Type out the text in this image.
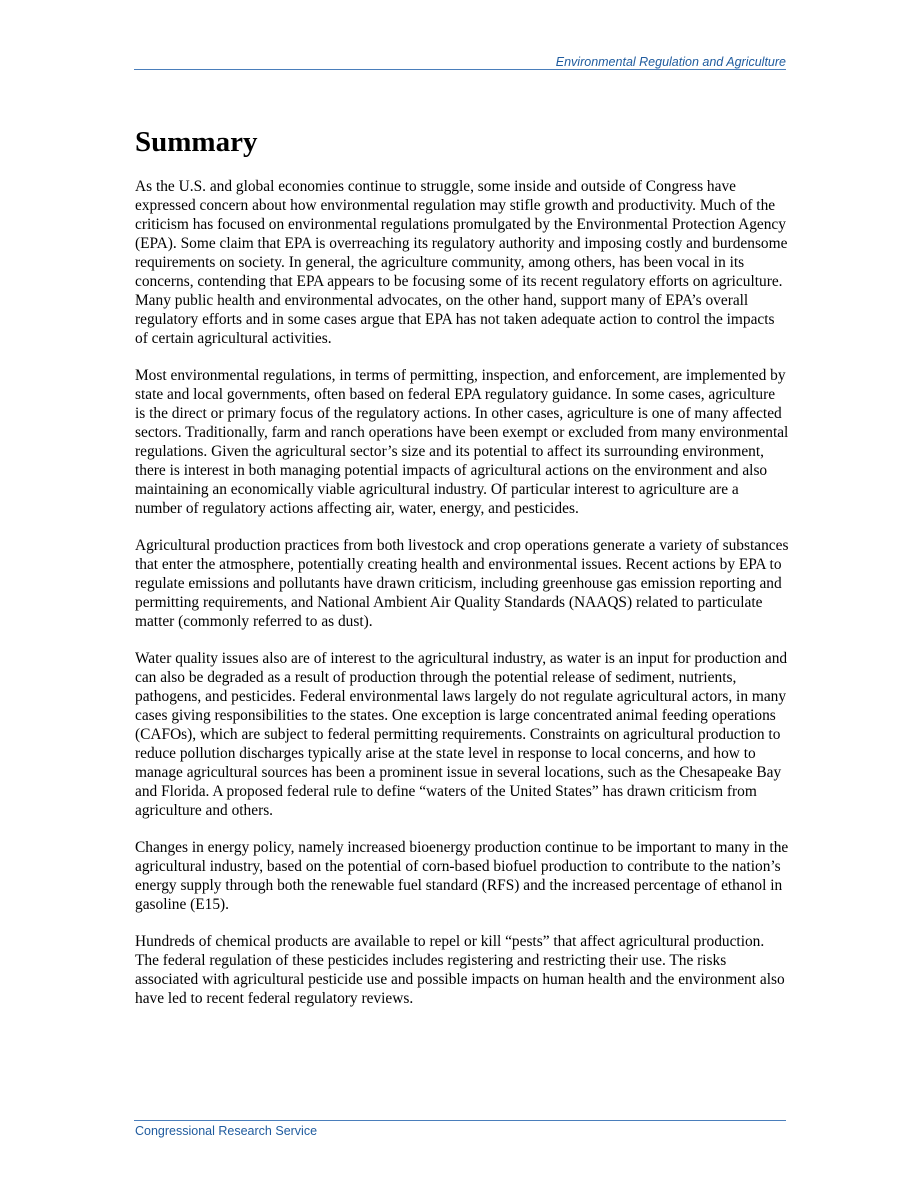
Environmental Regulation and Agriculture
Summary

As the U.S. and global economies continue to struggle, some inside and outside of Congress have expressed concern about how environmental regulation may stifle growth and productivity. Much of the criticism has focused on environmental regulations promulgated by the Environmental Protection Agency (EPA). Some claim that EPA is overreaching its regulatory authority and imposing costly and burdensome requirements on society. In general, the agriculture community, among others, has been vocal in its concerns, contending that EPA appears to be focusing some of its recent regulatory efforts on agriculture. Many public health and environmental advocates, on the other hand, support many of EPA’s overall regulatory efforts and in some cases argue that EPA has not taken adequate action to control the impacts of certain agricultural activities.

Most environmental regulations, in terms of permitting, inspection, and enforcement, are implemented by state and local governments, often based on federal EPA regulatory guidance. In some cases, agriculture is the direct or primary focus of the regulatory actions. In other cases, agriculture is one of many affected sectors. Traditionally, farm and ranch operations have been exempt or excluded from many environmental regulations. Given the agricultural sector’s size and its potential to affect its surrounding environment, there is interest in both managing potential impacts of agricultural actions on the environment and also maintaining an economically viable agricultural industry. Of particular interest to agriculture are a number of regulatory actions affecting air, water, energy, and pesticides.

Agricultural production practices from both livestock and crop operations generate a variety of substances that enter the atmosphere, potentially creating health and environmental issues. Recent actions by EPA to regulate emissions and pollutants have drawn criticism, including greenhouse gas emission reporting and permitting requirements, and National Ambient Air Quality Standards (NAAQS) related to particulate matter (commonly referred to as dust).

Water quality issues also are of interest to the agricultural industry, as water is an input for production and can also be degraded as a result of production through the potential release of sediment, nutrients, pathogens, and pesticides. Federal environmental laws largely do not regulate agricultural actors, in many cases giving responsibilities to the states. One exception is large concentrated animal feeding operations (CAFOs), which are subject to federal permitting requirements. Constraints on agricultural production to reduce pollution discharges typically arise at the state level in response to local concerns, and how to manage agricultural sources has been a prominent issue in several locations, such as the Chesapeake Bay and Florida. A proposed federal rule to define “waters of the United States” has drawn criticism from agriculture and others.

Changes in energy policy, namely increased bioenergy production continue to be important to many in the agricultural industry, based on the potential of corn-based biofuel production to contribute to the nation’s energy supply through both the renewable fuel standard (RFS) and the increased percentage of ethanol in gasoline (E15).

Hundreds of chemical products are available to repel or kill “pests” that affect agricultural production. The federal regulation of these pesticides includes registering and restricting their use. The risks associated with agricultural pesticide use and possible impacts on human health and the environment also have led to recent federal regulatory reviews.

Congressional Research Service
